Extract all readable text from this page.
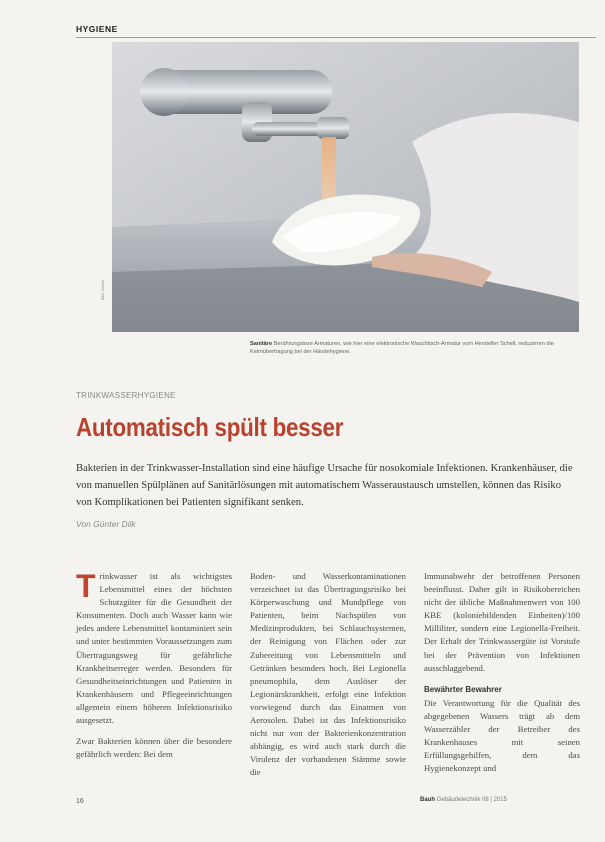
HYGIENE
Bild: Schell
Sanitäre Berührungslose Armaturen, wie hier eine elektronische Waschtisch-Armatur vom Hersteller Schell, reduzieren die Keimübertragung bei der Händehygiene.
TRINKWASSERHYGIENE
Automatisch spült besser

Bakterien in der Trinkwasser-Installation sind eine häufige Ursache für nosokomiale Infektionen. Krankenhäuser, die von manuellen Spülplänen auf Sanitärlösungen mit automatischem Wasseraustausch umstellen, können das Risiko von Komplikationen bei Patienten signifikant senken.

Von Günter Dilk

Trinkwasser ist als wichtigstes Lebensmittel eines der höchsten Schutzgüter für die Gesundheit der Konsumenten. Doch auch Wasser kann wie jedes andere Lebensmittel kontaminiert sein und unter bestimmten Voraussetzungen zum Übertragungsweg für gefährliche Krankheitserreger werden. Besonders für Gesundheitseinrichtungen und Patienten in Krankenhäusern und Pflegeeinrichtungen allgemein einem höheren Infektionsrisiko ausgesetzt.

Zwar Bakterien können über die besondere gefährlich werden: Bei dem

Boden- und Wasserkontaminationen verzeichnet ist das Übertragungsrisiko bei Körperwaschung und Mundpflege von Patienten, beim Nachspülen von Medizinprodukten, bei Schlauchsystemen, der Reinigung von Flächen oder zur Zubereitung von Lebensmitteln und Getränken besonders hoch. Bei Legionella pneumophila, dem Auslöser der Legionärskrankheit, erfolgt eine Infektion vorwiegend durch das Einatmen von Aerosolen. Dabei ist das Infektionsrisiko nicht nur von der Bakterienkonzentration abhängig, es wird auch stark durch die Virulenz der vorhandenen Stämme sowie die

Immunabwehr der betroffenen Personen beeinflusst. Daher gilt in Risikobereichen nicht der übliche Maßnahmenwert von 100 KBE (koloniebildenden Einheiten)/100 Milliliter, sondern eine Legionella-Freiheit. Der Erhalt der Trinkwassergüte ist Vorstufe bei der Prävention von Infektionen ausschlaggebend.

Bewährter Bewahrer

Die Verantwortung für die Qualität des abgegebenen Wassers trägt ab dem Wasserzähler der Betreiber des Krankenhauses mit seinen Erfüllungsgehilfen, dem das Hygienekonzept und

16	Bauh Gebäudetechnik 08 | 2015
